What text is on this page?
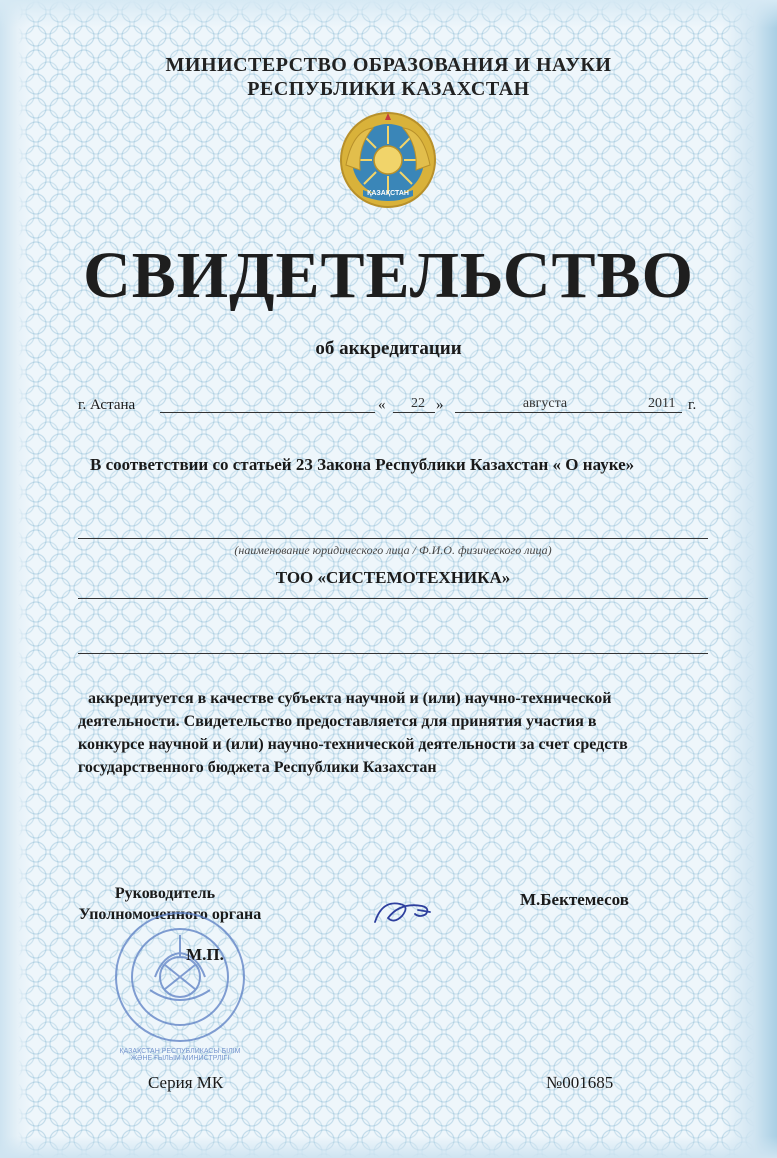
МИНИСТЕРСТВО ОБРАЗОВАНИЯ И НАУКИ
РЕСПУБЛИКИ КАЗАХСТАН
ҚАЗАҚСТАН
СВИДЕТЕЛЬСТВО
об аккредитации
г. Астана	«	22 »	августа	2011 г.
В соответствии со статьей 23 Закона Республики Казахстан « О науке»
(наименование юридического лица / Ф.И.О. физического лица)
ТОО «СИСТЕМОТЕХНИКА»
аккредитуется в качестве субъекта научной и (или) научно-технической
деятельности. Свидетельство предоставляется для принятия участия в
конкурсе научной и (или) научно-технической деятельности за счет средств
государственного бюджета Республики Казахстан
Руководитель
Уполномоченного органа
М.П.
ҚАЗАҚСТАН РЕСПУБЛИКАСЫ БІЛІМ ЖӘНЕ ҒЫЛЫМ МИНИСТРЛІГІ
М.Бектемесов
Серия МК	№001685
